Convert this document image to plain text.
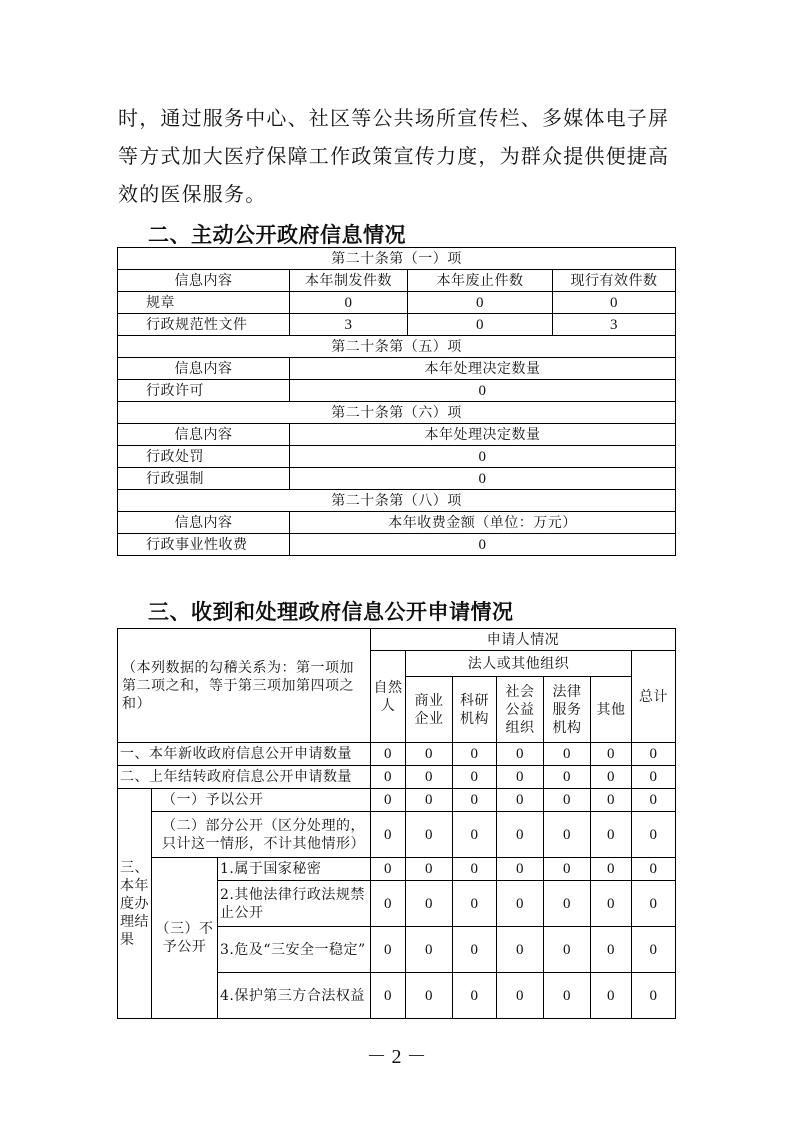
时，通过服务中心、社区等公共场所宣传栏、多媒体电子屏

等方式加大医疗保障工作政策宣传力度，为群众提供便捷高

效的医保服务。

二、主动公开政府信息情况
第二十条第（一）项			
信息内容	本年制发件数	本年废止件数	现行有效件数
规章	0	0	0
行政规范性文件	3	0	3
第二十条第（五）项			
信息内容	本年处理决定数量		
行政许可	0		
第二十条第（六）项			
信息内容	本年处理决定数量		
行政处罚	0		
行政强制	0		
第二十条第（八）项			
信息内容	本年收费金额（单位：万元）		
行政事业性收费	0		
三、收到和处理政府信息公开申请情况
（本列数据的勾稽关系为：第一项加第二项之和，等于第三项加第四项之和）			申请人情况						
			自然人	法人或其他组织					总计
				商业企业	科研机构	社会公益组织	法律服务机构	其他	
一、本年新收政府信息公开申请数量			0	0	0	0	0	0	0
二、上年结转政府信息公开申请数量			0	0	0	0	0	0	0
三、本年度办理结果	（一）予以公开		0	0	0	0	0	0	0
	（二）部分公开（区分处理的，只计这一情形，不计其他情形）		0	0	0	0	0	0	0
	（三）不予公开	1.属于国家秘密	0	0	0	0	0	0	0
		2.其他法律行政法规禁止公开	0	0	0	0	0	0	0
		3.危及“三安全一稳定”	0	0	0	0	0	0	0
		4.保护第三方合法权益	0	0	0	0	0	0	0
－ 2 －
